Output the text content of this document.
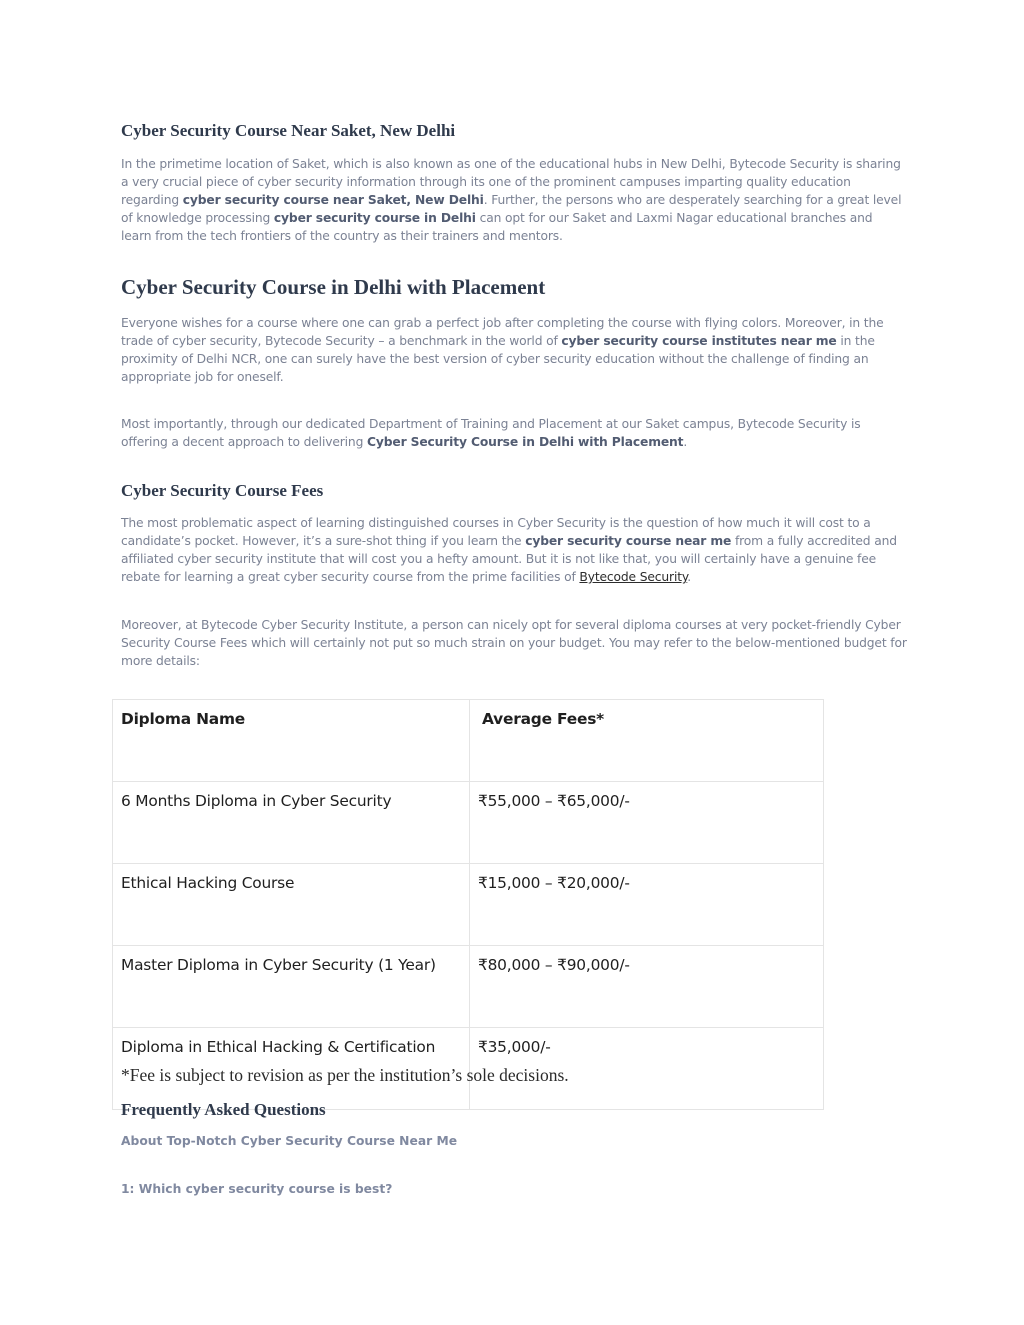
Cyber Security Course Near Saket, New Delhi
In the primetime location of Saket, which is also known as one of the educational hubs in New Delhi, Bytecode Security is sharing a very crucial piece of cyber security information through its one of the prominent campuses imparting quality education regarding cyber security course near Saket, New Delhi. Further, the persons who are desperately searching for a great level of knowledge processing cyber security course in Delhi can opt for our Saket and Laxmi Nagar educational branches and learn from the tech frontiers of the country as their trainers and mentors.
Cyber Security Course in Delhi with Placement
Everyone wishes for a course where one can grab a perfect job after completing the course with flying colors. Moreover, in the trade of cyber security, Bytecode Security – a benchmark in the world of cyber security course institutes near me in the proximity of Delhi NCR, one can surely have the best version of cyber security education without the challenge of finding an appropriate job for oneself.
Most importantly, through our dedicated Department of Training and Placement at our Saket campus, Bytecode Security is offering a decent approach to delivering Cyber Security Course in Delhi with Placement.
Cyber Security Course Fees
The most problematic aspect of learning distinguished courses in Cyber Security is the question of how much it will cost to a candidate’s pocket. However, it’s a sure-shot thing if you learn the cyber security course near me from a fully accredited and affiliated cyber security institute that will cost you a hefty amount. But it is not like that, you will certainly have a genuine fee rebate for learning a great cyber security course from the prime facilities of Bytecode Security.
Moreover, at Bytecode Cyber Security Institute, a person can nicely opt for several diploma courses at very pocket-friendly Cyber Security Course Fees which will certainly not put so much strain on your budget. You may refer to the below-mentioned budget for more details:
Diploma Name	Average Fees*
6 Months Diploma in Cyber Security	₹55,000 – ₹65,000/-
Ethical Hacking Course	₹15,000 – ₹20,000/-
Master Diploma in Cyber Security (1 Year)	₹80,000 – ₹90,000/-
Diploma in Ethical Hacking & Certification	₹35,000/-
*Fee is subject to revision as per the institution’s sole decisions.
Frequently Asked Questions
About Top-Notch Cyber Security Course Near Me
1: Which cyber security course is best?
